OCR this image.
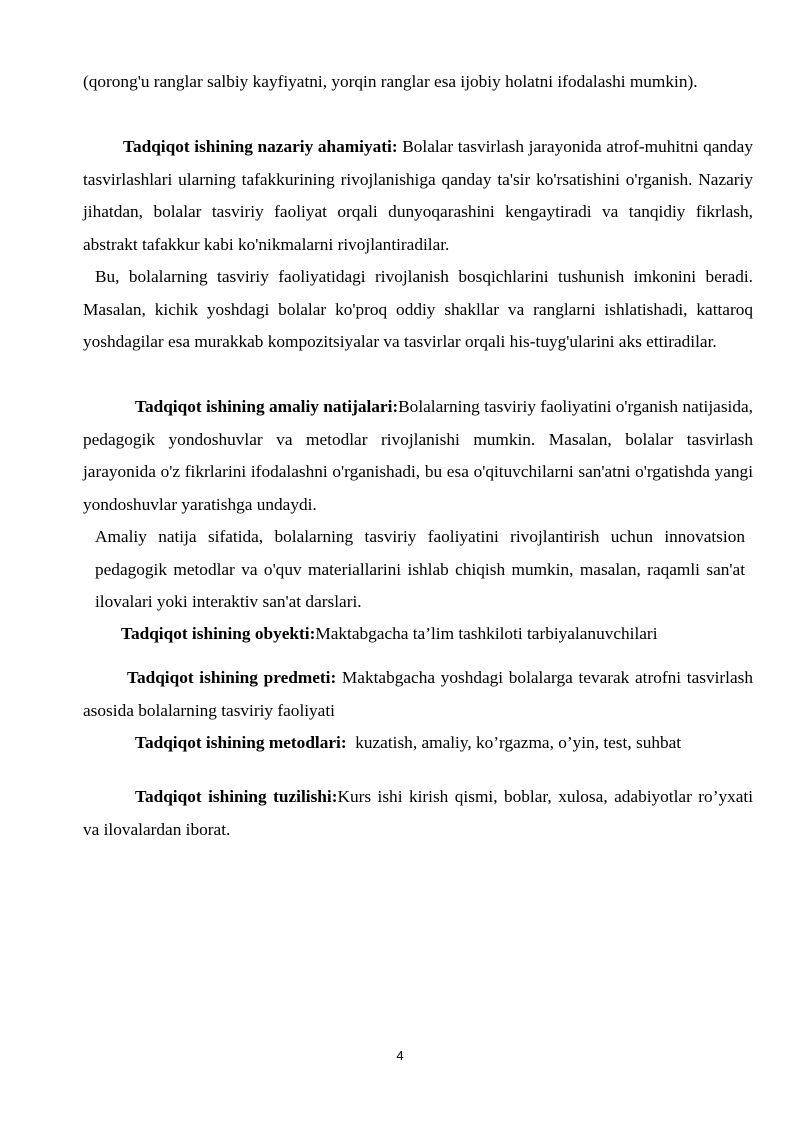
(qorong'u ranglar salbiy kayfiyatni, yorqin ranglar esa ijobiy holatni ifodalashi mumkin).

Tadqiqot ishining nazariy ahamiyati: Bolalar tasvirlash jarayonida atrof-muhitni qanday tasvirlashlari ularning tafakkurining rivojlanishiga qanday ta'sir ko'rsatishini o'rganish. Nazariy jihatdan, bolalar tasviriy faoliyat orqali dunyoqarashini kengaytiradi va tanqidiy fikrlash, abstrakt tafakkur kabi ko'nikmalarni rivojlantiradilar.

Bu, bolalarning tasviriy faoliyatidagi rivojlanish bosqichlarini tushunish imkonini beradi. Masalan, kichik yoshdagi bolalar ko'proq oddiy shakllar va ranglarni ishlatishadi, kattaroq yoshdagilar esa murakkab kompozitsiyalar va tasvirlar orqali his-tuyg'ularini aks ettiradilar.

Tadqiqot ishining amaliy natijalari:Bolalarning tasviriy faoliyatini o'rganish natijasida, pedagogik yondoshuvlar va metodlar rivojlanishi mumkin. Masalan, bolalar tasvirlash jarayonida o'z fikrlarini ifodalashni o'rganishadi, bu esa o'qituvchilarni san'atni o'rgatishda yangi yondoshuvlar yaratishga undaydi.

Amaliy natija sifatida, bolalarning tasviriy faoliyatini rivojlantirish uchun innovatsion pedagogik metodlar va o'quv materiallarini ishlab chiqish mumkin, masalan, raqamli san'at ilovalari yoki interaktiv san'at darslari.

Tadqiqot ishining obyekti:Maktabgacha ta’lim tashkiloti tarbiyalanuvchilari

Tadqiqot ishining predmeti: Maktabgacha yoshdagi bolalarga tevarak atrofni tasvirlash asosida bolalarning tasviriy faoliyati

Tadqiqot ishining metodlari:  kuzatish, amaliy, ko’rgazma, o’yin, test, suhbat

Tadqiqot ishining tuzilishi:Kurs ishi kirish qismi, boblar, xulosa, adabiyotlar ro’yxati va ilovalardan iborat.

4
